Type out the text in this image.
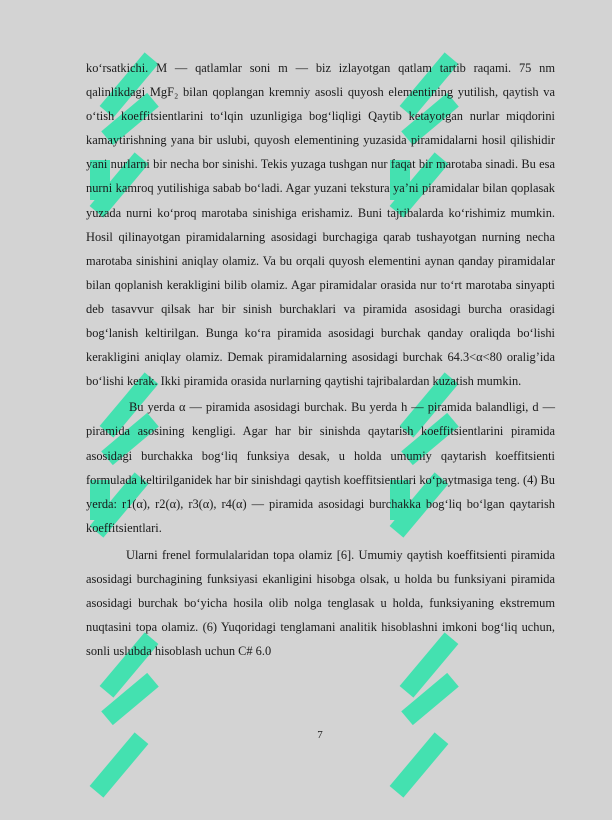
koʻrsatkichi. M — qatlamlar soni m — biz izlayotgan qatlam tartib raqami. 75 nm qalinlikdagi MgF₂ bilan qoplangan kremniy asosli quyosh elementining yutilish, qaytish va oʻtish koeffitsientlarini toʻlqin uzunligiga bogʻliqligi Qaytib ketayotgan nurlar miqdorini kamaytirishning yana bir uslubi, quyosh elementining yuzasida piramidalarni hosil qilishidir yani nurlarni bir necha bor sinishi. Tekis yuzaga tushgan nur faqat bir marotaba sinadi. Bu esa nurni kamroq yutilishiga sabab boʻladi. Agar yuzani tekstura ya’ni piramidalar bilan qoplasak yuzada nurni koʻproq marotaba sinishiga erishamiz. Buni tajribalarda koʻrishimiz mumkin. Hosil qilinayotgan piramidalarning asosidagi burchagiga qarab tushayotgan nurning necha marotaba sinishini aniqlay olamiz. Va bu orqali quyosh elementini aynan qanday piramidalar bilan qoplanish kerakligini bilib olamiz. Agar piramidalar orasida nur toʻrt marotaba sinyapti deb tasavvur qilsak har bir sinish burchaklari va piramida asosidagi burcha orasidagi bogʻlanish keltirilgan. Bunga koʻra piramida asosidagi burchak qanday oraliqda boʻlishi kerakligini aniqlay olamiz. Demak piramidalarning asosidagi burchak 64.3<α<80 oralig’ida boʻlishi kerak. Ikki piramida orasida nurlarning qaytishi tajribalardan kuzatish mumkin.

Bu yerda α — piramida asosidagi burchak. Bu yerda h — piramida balandligi, d — piramida asosining kengligi. Agar har bir sinishda qaytarish koeffitsientlarini piramida asosidagi burchakka bogʻliq funksiya desak, u holda umumiy qaytarish koeffitsienti formulada keltirilganidek har bir sinishdagi qaytish koeffitsientlari koʻpaytmasiga teng. (4) Bu yerda: r1(α), r2(α), r3(α), r4(α) — piramida asosidagi burchakka bogʻliq boʻlgan qaytarish koeffitsientlari.

Ularni frenel formulalaridan topa olamiz [6]. Umumiy qaytish koeffitsienti piramida asosidagi burchagining funksiyasi ekanligini hisobga olsak, u holda bu funksiyani piramida asosidagi burchak boʻyicha hosila olib nolga tenglasak u holda, funksiyaning ekstremum nuqtasini topa olamiz. (6) Yuqoridagi tenglamani analitik hisoblashni imkoni bogʻliq uchun, sonli uslubda hisoblash uchun C# 6.0

7
